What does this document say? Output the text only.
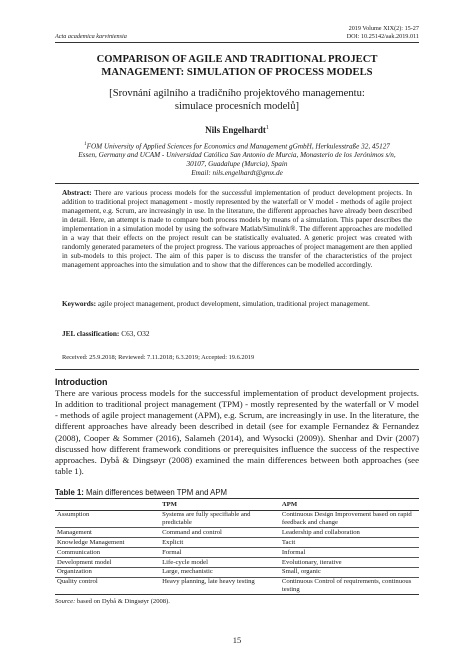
2019 Volume XIX(2): 15-27
DOI: 10.25142/aak.2019.011
Acta academica karviniensia
COMPARISON OF AGILE AND TRADITIONAL PROJECT
MANAGEMENT: SIMULATION OF PROCESS MODELS
[Srovnání agilního a tradičního projektového managementu:
simulace procesních modelů]
Nils Engelhardt$^1$
$^1$FOM University of Applied Sciences for Economics and Management gGmbH, Herkulesstraße 32, 45127
Essen, Germany and UCAM - Universidad Católica San Antonio de Murcia, Monasterio de los Jerónimos s/n,
30107, Guadalupe (Murcia), Spain
Email: nils.engelhardt@gmx.de
Abstract: There are various process models for the successful implementation of product development projects. In addition to traditional project management - mostly represented by the waterfall or V model - methods of agile project management, e.g. Scrum, are increasingly in use. In the literature, the different approaches have already been described in detail. Here, an attempt is made to compare both process models by means of a simulation. This paper describes the implementation in a simulation model by using the software Matlab/Simulink®. The different approaches are modelled in a way that their effects on the project result can be statistically evaluated. A generic project was created with randomly generated parameters of the project progress. The various approaches of project management are then applied in sub-models to this project. The aim of this paper is to discuss the transfer of the characteristics of the project management approaches into the simulation and to show that the differences can be modelled accordingly.
Keywords: agile project management, product development, simulation, traditional project management.
JEL classification: C63, O32
Received: 25.9.2018; Reviewed: 7.11.2018; 6.3.2019; Accepted: 19.6.2019
Introduction
There are various process models for the successful implementation of product development projects. In addition to traditional project management (TPM) - mostly represented by the waterfall or V model - methods of agile project management (APM), e.g. Scrum, are increasingly in use. In the literature, the different approaches have already been described in detail (see for example Fernandez & Fernandez (2008), Cooper & Sommer (2016), Salameh (2014), and Wysocki (2009)). Shenhar and Dvir (2007) discussed how different framework conditions or prerequisites influence the success of the respective approaches. Dybå & Dingsøyr (2008) examined the main differences between both approaches (see table 1).
Table 1: Main differences between TPM and APM
	TPM	APM
Assumption	Systems are fully specifiable and predictable	Continuous Design Improvement based on rapid feedback and change
Management	Command and control	Leadership and collaboration
Knowledge Management	Explicit	Tacit
Communication	Formal	Informal
Development model	Life-cycle model	Evolutionary, iterative
Organization	Large, mechanistic	Small, organic
Quality control	Heavy planning, late heavy testing	Continuous Control of requirements, continuous testing
Source: based on Dybå & Dingsøyr (2008).
15
